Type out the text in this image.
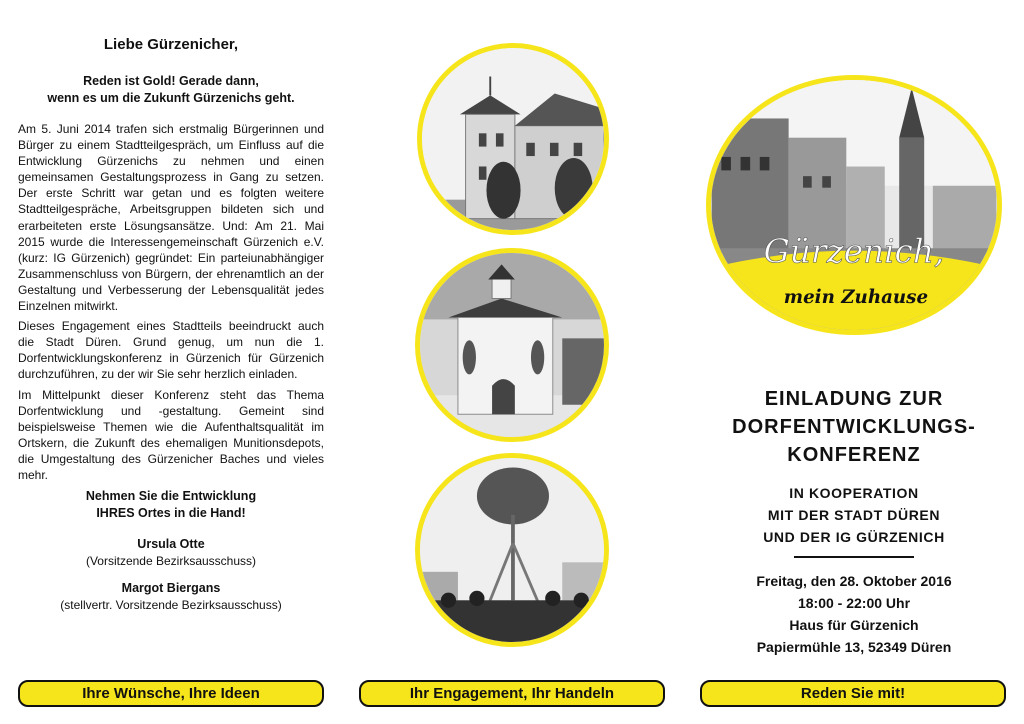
Liebe Gürzenicher,
Reden ist Gold! Gerade dann,
wenn es um die Zukunft Gürzenichs geht.

Am 5. Juni 2014 trafen sich erstmalig Bürgerinnen und Bürger zu einem Stadtteilgespräch, um Einfluss auf die Entwicklung Gürzenichs zu nehmen und einen gemeinsamen Gestaltungsprozess in Gang zu setzen. Der erste Schritt war getan und es folgten weitere Stadtteilgespräche, Arbeitsgruppen bildeten sich und erarbeiteten erste Lösungsansätze. Und: Am 21. Mai 2015 wurde die Interessengemeinschaft Gürzenich e.V. (kurz: IG Gürzenich) gegründet: Ein parteiunabhängiger Zusammenschluss von Bürgern, der ehrenamtlich an der Gestaltung und Verbesserung der Lebensqualität jedes Einzelnen mitwirkt.

Dieses Engagement eines Stadtteils beeindruckt auch die Stadt Düren. Grund genug, um nun die 1. Dorfentwicklungskonferenz in Gürzenich für Gürzenich durchzuführen, zu der wir Sie sehr herzlich einladen.

Im Mittelpunkt dieser Konferenz steht das Thema Dorfentwicklung und -gestaltung. Gemeint sind beispielsweise Themen wie die Aufenthaltsqualität im Ortskern, die Zukunft des ehemaligen Munitionsdepots, die Umgestaltung des Gürzenicher Baches und vieles mehr.

Nehmen Sie die Entwicklung
IHRES Ortes in die Hand!
Ursula Otte
(Vorsitzende Bezirksausschuss)
Margot Biergans
(stellvertr. Vorsitzende Bezirksausschuss)
Gürzenich,
mein Zuhause
EINLADUNG ZUR
DORFENTWICKLUNGS-
KONFERENZ
IN KOOPERATION
MIT DER STADT DÜREN
UND DER IG GÜRZENICH
Freitag, den 28. Oktober 2016
18:00 - 22:00 Uhr
Haus für Gürzenich
Papiermühle 13, 52349 Düren
Ihre Wünsche, Ihre Ideen	Ihr Engagement, Ihr Handeln	Reden Sie mit!
